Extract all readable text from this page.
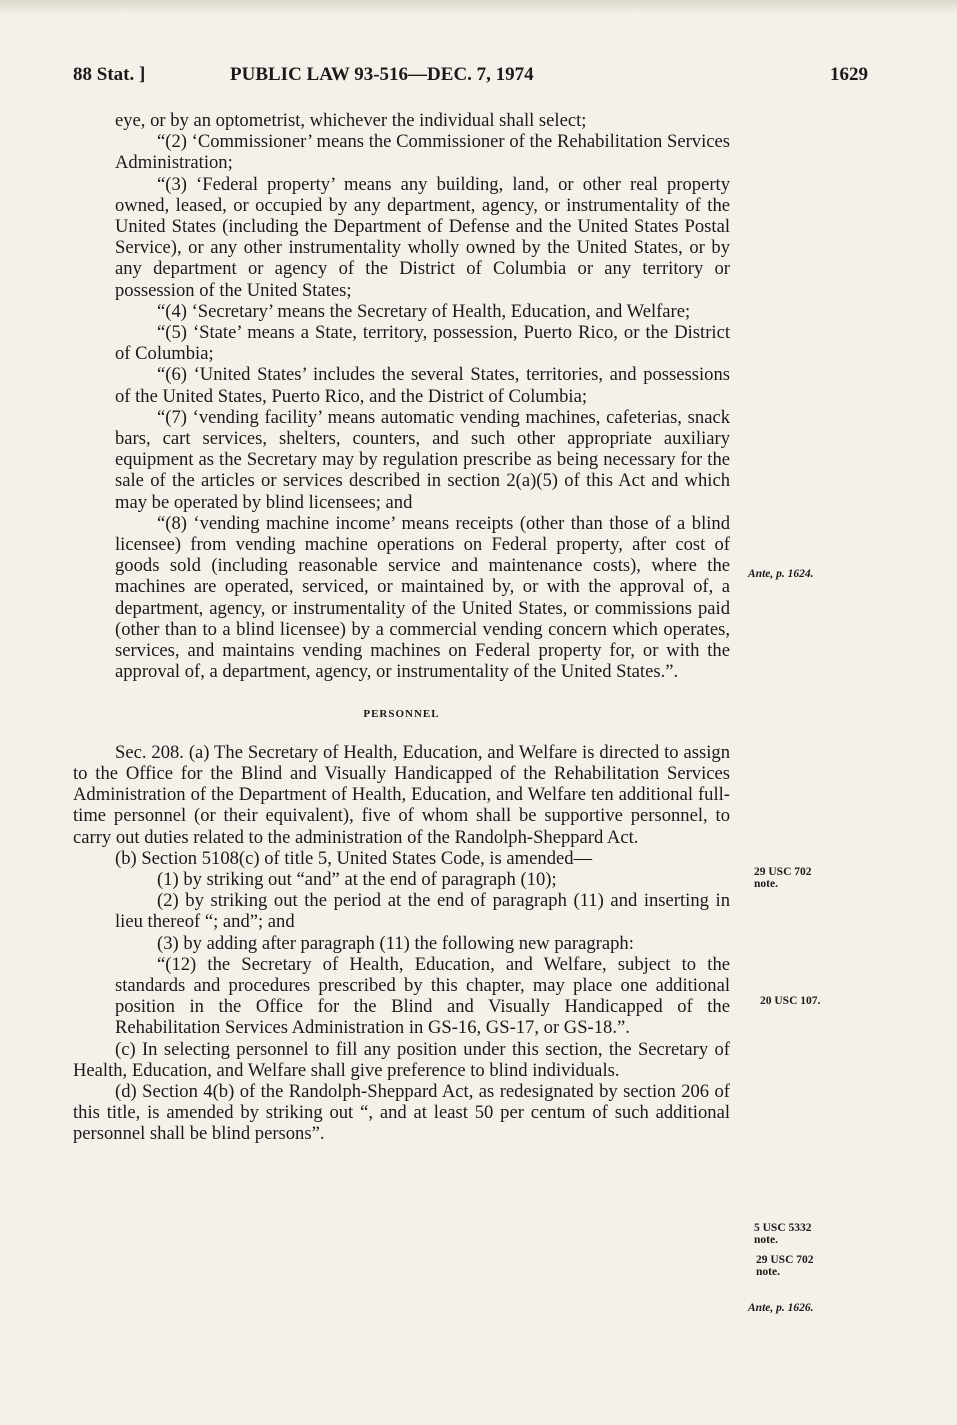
88 Stat. ]	PUBLIC LAW 93-516—DEC. 7, 1974	1629

eye, or by an optometrist, whichever the individual shall select;

“(2) ‘Commissioner’ means the Commissioner of the Rehabilitation Services Administration;

“(3) ‘Federal property’ means any building, land, or other real property owned, leased, or occupied by any department, agency, or instrumentality of the United States (including the Department of Defense and the United States Postal Service), or any other instrumentality wholly owned by the United States, or by any department or agency of the District of Columbia or any territory or possession of the United States;

“(4) ‘Secretary’ means the Secretary of Health, Education, and Welfare;

“(5) ‘State’ means a State, territory, possession, Puerto Rico, or the District of Columbia;

“(6) ‘United States’ includes the several States, territories, and possessions of the United States, Puerto Rico, and the District of Columbia;

“(7) ‘vending facility’ means automatic vending machines, cafeterias, snack bars, cart services, shelters, counters, and such other appropriate auxiliary equipment as the Secretary may by regulation prescribe as being necessary for the sale of the articles or services described in section 2(a)(5) of this Act and which may be operated by blind licensees; and

“(8) ‘vending machine income’ means receipts (other than those of a blind licensee) from vending machine operations on Federal property, after cost of goods sold (including reasonable service and maintenance costs), where the machines are operated, serviced, or maintained by, or with the approval of, a department, agency, or instrumentality of the United States, or commissions paid (other than to a blind licensee) by a commercial vending concern which operates, services, and maintains vending machines on Federal property for, or with the approval of, a department, agency, or instrumentality of the United States.”.

PERSONNEL

Sec. 208. (a) The Secretary of Health, Education, and Welfare is directed to assign to the Office for the Blind and Visually Handicapped of the Rehabilitation Services Administration of the Department of Health, Education, and Welfare ten additional full-time personnel (or their equivalent), five of whom shall be supportive personnel, to carry out duties related to the administration of the Randolph-Sheppard Act.

(b) Section 5108(c) of title 5, United States Code, is amended—

(1) by striking out “and” at the end of paragraph (10);

(2) by striking out the period at the end of paragraph (11) and inserting in lieu thereof “; and”; and

(3) by adding after paragraph (11) the following new paragraph:

“(12) the Secretary of Health, Education, and Welfare, subject to the standards and procedures prescribed by this chapter, may place one additional position in the Office for the Blind and Visually Handicapped of the Rehabilitation Services Administration in GS-16, GS-17, or GS-18.”.

(c) In selecting personnel to fill any position under this section, the Secretary of Health, Education, and Welfare shall give preference to blind individuals.

(d) Section 4(b) of the Randolph-Sheppard Act, as redesignated by section 206 of this title, is amended by striking out “, and at least 50 per centum of such additional personnel shall be blind persons”.

Ante, p. 1624.
29 USC 702
note.
20 USC 107.
5 USC 5332
note.
29 USC 702
note.
Ante, p. 1626.
